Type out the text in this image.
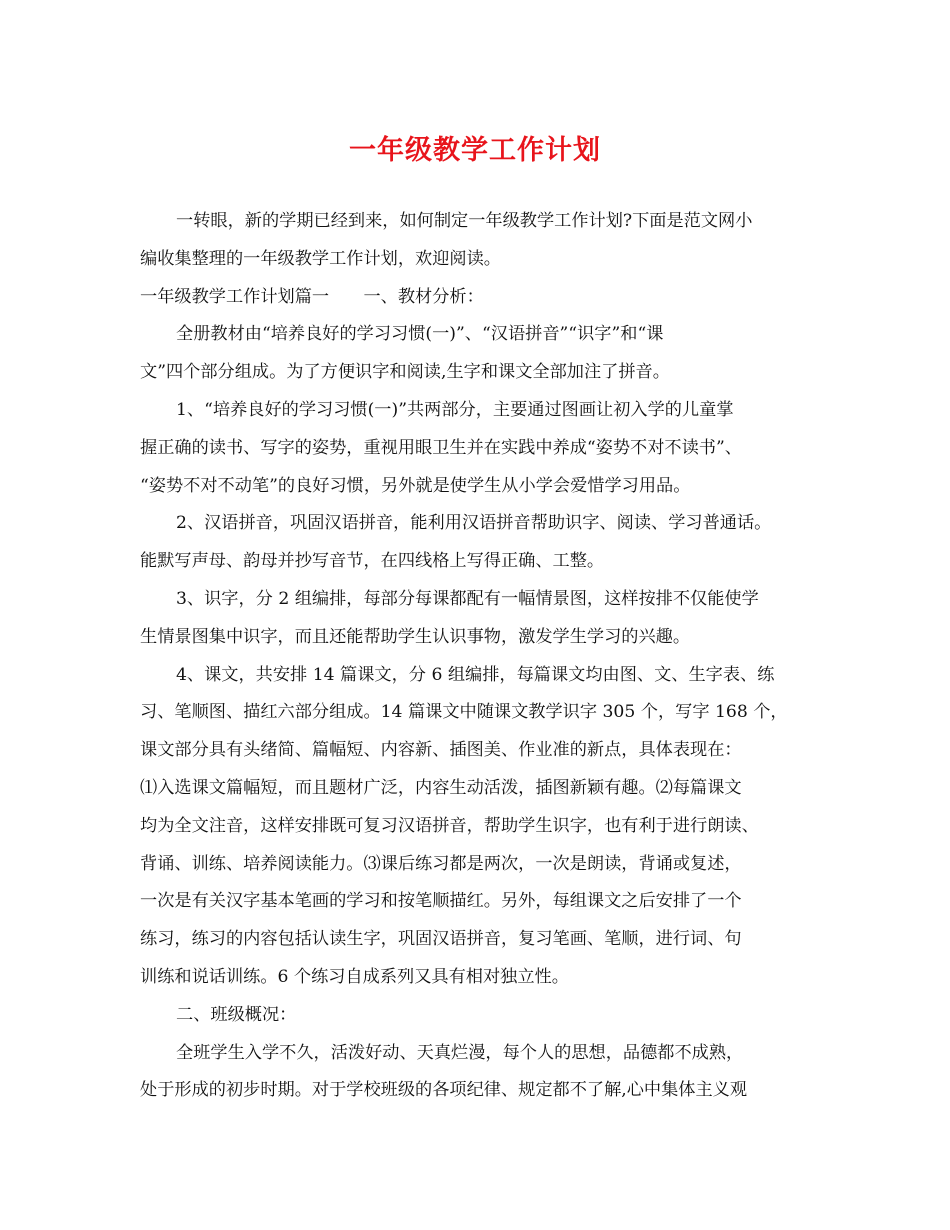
一年级教学工作计划
一转眼，新的学期已经到来，如何制定一年级教学工作计划?下面是范文网小
编收集整理的一年级教学工作计划，欢迎阅读。
一年级教学工作计划篇一　　一、教材分析：
全册教材由“培养良好的学习习惯(一)”、“汉语拼音”“识字”和“课
文”四个部分组成。为了方便识字和阅读,生字和课文全部加注了拼音。
1、“培养良好的学习习惯(一)”共两部分，主要通过图画让初入学的儿童掌
握正确的读书、写字的姿势，重视用眼卫生并在实践中养成“姿势不对不读书”、
“姿势不对不动笔”的良好习惯，另外就是使学生从小学会爱惜学习用品。
2、汉语拼音，巩固汉语拼音，能利用汉语拼音帮助识字、阅读、学习普通话。
能默写声母、韵母并抄写音节，在四线格上写得正确、工整。
3、识字，分 2 组编排，每部分每课都配有一幅情景图，这样按排不仅能使学
生情景图集中识字，而且还能帮助学生认识事物，激发学生学习的兴趣。
4、课文，共安排 14 篇课文，分 6 组编排，每篇课文均由图、文、生字表、练
习、笔顺图、描红六部分组成。14 篇课文中随课文教学识字 305 个，写字 168 个，
课文部分具有头绪简、篇幅短、内容新、插图美、作业准的新点，具体表现在：
⑴入选课文篇幅短，而且题材广泛，内容生动活泼，插图新颖有趣。⑵每篇课文
均为全文注音，这样安排既可复习汉语拼音，帮助学生识字，也有利于进行朗读、
背诵、训练、培养阅读能力。⑶课后练习都是两次，一次是朗读，背诵或复述，
一次是有关汉字基本笔画的学习和按笔顺描红。另外，每组课文之后安排了一个
练习，练习的内容包括认读生字，巩固汉语拼音，复习笔画、笔顺，进行词、句
训练和说话训练。6 个练习自成系列又具有相对独立性。
二、班级概况：
全班学生入学不久，活泼好动、天真烂漫，每个人的思想，品德都不成熟，
处于形成的初步时期。对于学校班级的各项纪律、规定都不了解,心中集体主义观
